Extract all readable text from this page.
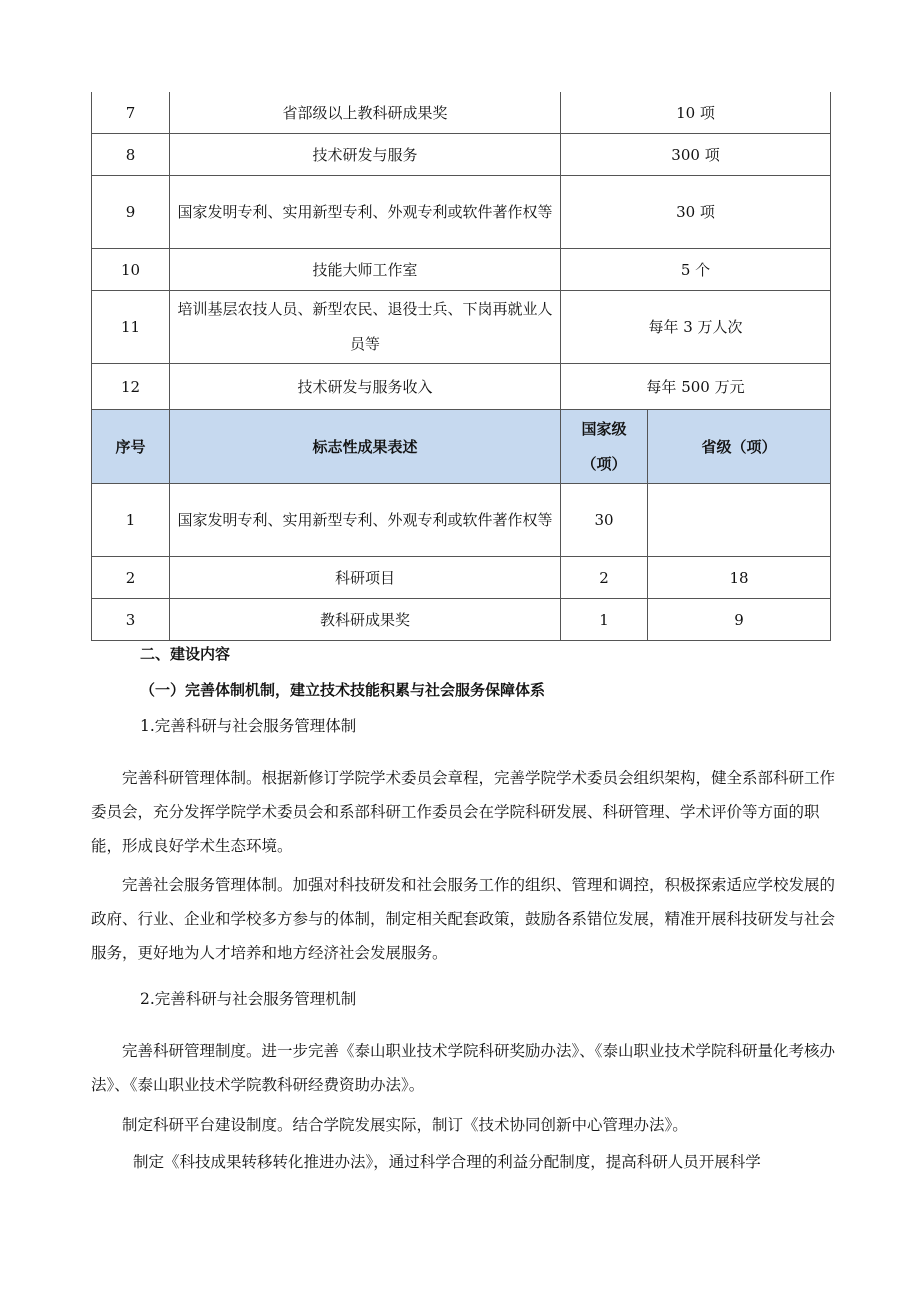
7	省部级以上教科研成果奖	10 项	
8	技术研发与服务	300 项	
9	国家发明专利、实用新型专利、外观专利或软件著作权等	30 项	
10	技能大师工作室	5 个	
11	培训基层农技人员、新型农民、退役士兵、下岗再就业人员等	每年 3 万人次	
12	技术研发与服务收入	每年 500 万元	
序号	标志性成果表述	国家级（项）	省级（项）
1	国家发明专利、实用新型专利、外观专利或软件著作权等	30	
2	科研项目	2	18
3	教科研成果奖	1	9

二、建设内容

（一）完善体制机制，建立技术技能积累与社会服务保障体系

1.完善科研与社会服务管理体制

完善科研管理体制。根据新修订学院学术委员会章程，完善学院学术委员会组织架构，健全系部科研工作委员会，充分发挥学院学术委员会和系部科研工作委员会在学院科研发展、科研管理、学术评价等方面的职能，形成良好学术生态环境。

完善社会服务管理体制。加强对科技研发和社会服务工作的组织、管理和调控，积极探索适应学校发展的政府、行业、企业和学校多方参与的体制，制定相关配套政策，鼓励各系错位发展，精准开展科技研发与社会服务，更好地为人才培养和地方经济社会发展服务。

2.完善科研与社会服务管理机制

完善科研管理制度。进一步完善《泰山职业技术学院科研奖励办法》、《泰山职业技术学院科研量化考核办法》、《泰山职业技术学院教科研经费资助办法》。

制定科研平台建设制度。结合学院发展实际，制订《技术协同创新中心管理办法》。

制定《科技成果转移转化推进办法》，通过科学合理的利益分配制度，提高科研人员开展科学
